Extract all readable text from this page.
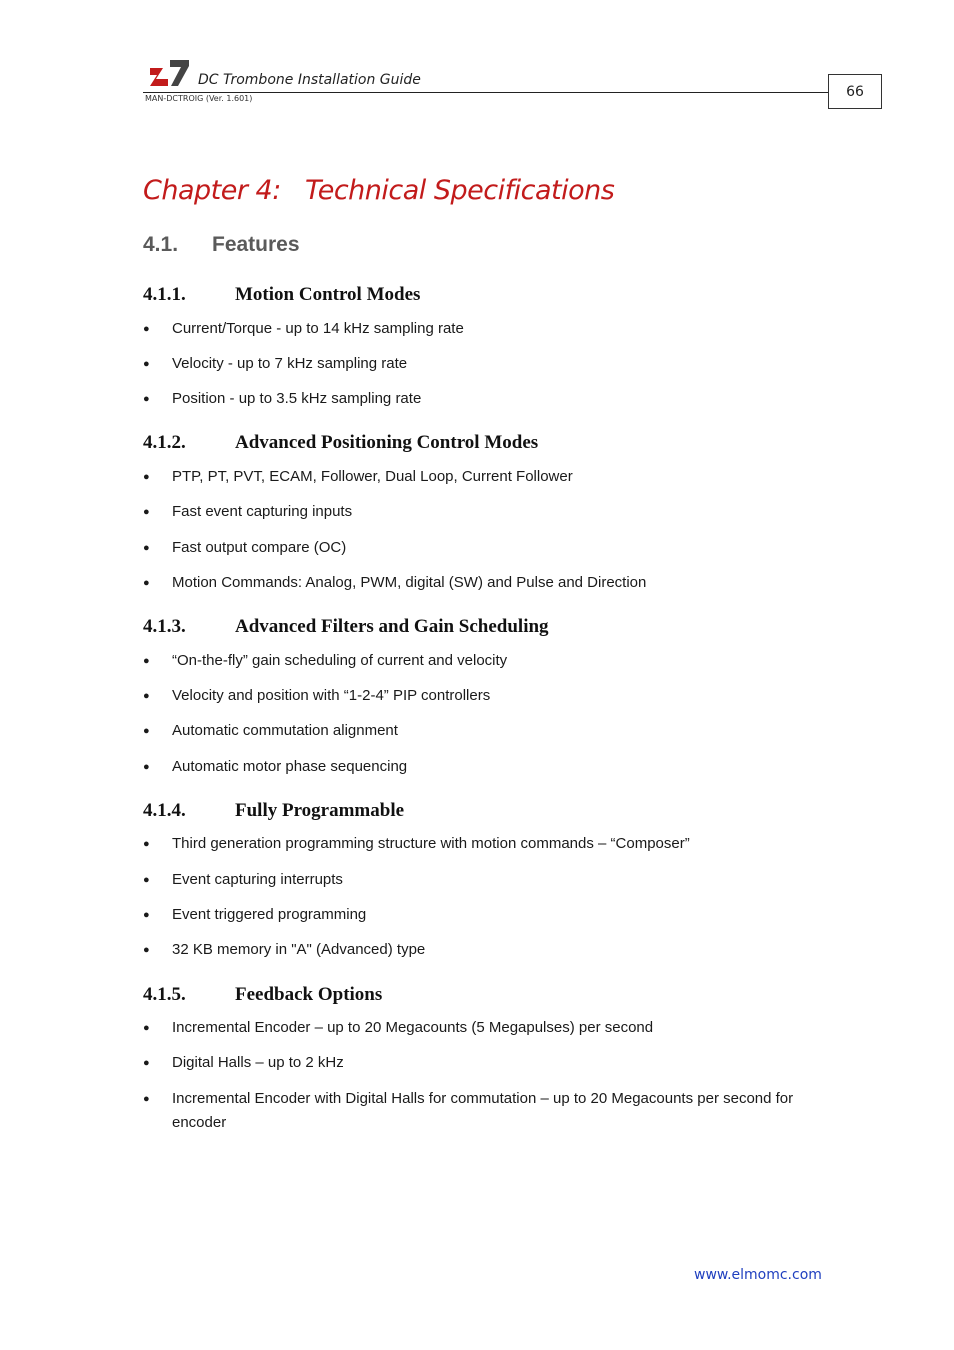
DC Trombone Installation Guide
MAN-DCTROIG (Ver. 1.601)	66
Chapter 4:   Technical Specifications
4.1. Features
4.1.1.	Motion Control Modes
● Current/Torque - up to 14 kHz sampling rate
● Velocity - up to 7 kHz sampling rate
● Position - up to 3.5 kHz sampling rate
4.1.2.	Advanced Positioning Control Modes
● PTP, PT, PVT, ECAM, Follower, Dual Loop, Current Follower
● Fast event capturing inputs
● Fast output compare (OC)
● Motion Commands: Analog, PWM, digital (SW) and Pulse and Direction
4.1.3.	Advanced Filters and Gain Scheduling
● “On-the-fly” gain scheduling of current and velocity
● Velocity and position with “1-2-4” PIP controllers
● Automatic commutation alignment
● Automatic motor phase sequencing
4.1.4.	Fully Programmable
● Third generation programming structure with motion commands – “Composer”
● Event capturing interrupts
● Event triggered programming
● 32 KB memory in "A" (Advanced) type
4.1.5.	Feedback Options
● Incremental Encoder – up to 20 Megacounts (5 Megapulses) per second
● Digital Halls – up to 2 kHz
● Incremental Encoder with Digital Halls for commutation – up to 20 Megacounts per second for encoder
www.elmomc.com
